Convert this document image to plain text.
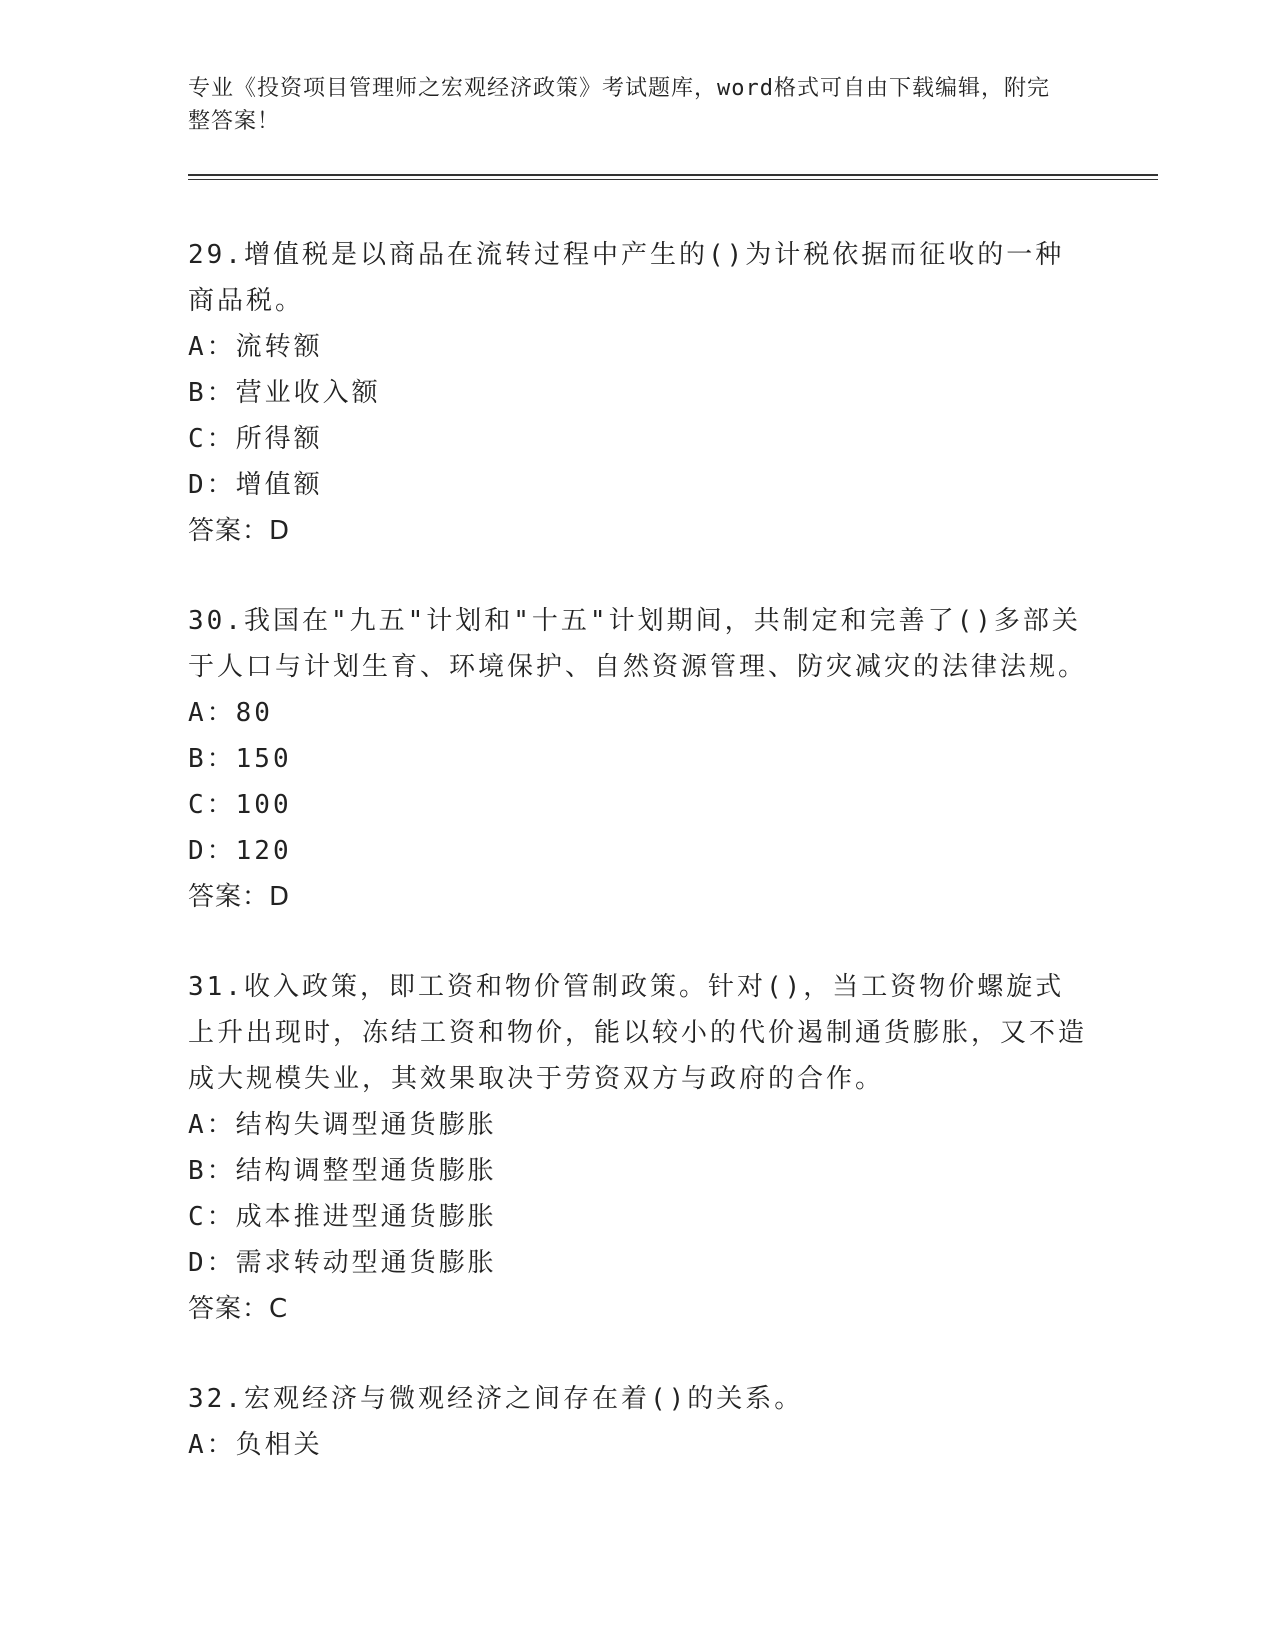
专业《投资项目管理师之宏观经济政策》考试题库，word格式可自由下载编辑，附完整答案！

29.增值税是以商品在流转过程中产生的()为计税依据而征收的一种商品税。

A：流转额

B：营业收入额

C：所得额

D：增值额

答案：D

30.我国在"九五"计划和"十五"计划期间，共制定和完善了()多部关于人口与计划生育、环境保护、自然资源管理、防灾减灾的法律法规。

A：80

B：150

C：100

D：120

答案：D

31.收入政策，即工资和物价管制政策。针对()，当工资物价螺旋式上升出现时，冻结工资和物价，能以较小的代价遏制通货膨胀，又不造成大规模失业，其效果取决于劳资双方与政府的合作。

A：结构失调型通货膨胀

B：结构调整型通货膨胀

C：成本推进型通货膨胀

D：需求转动型通货膨胀

答案：C

32.宏观经济与微观经济之间存在着()的关系。

A：负相关
